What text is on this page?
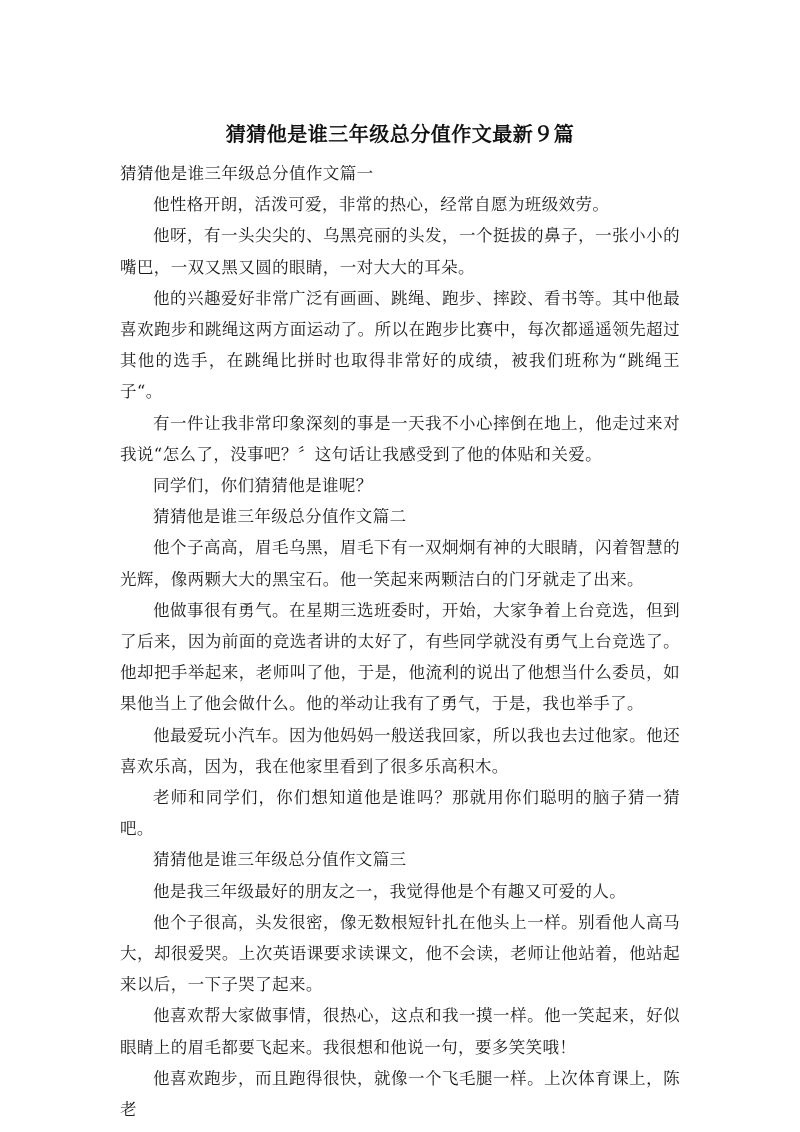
猜猜他是谁三年级总分值作文最新９篇

猜猜他是谁三年级总分值作文篇一

他性格开朗，活泼可爱，非常的热心，经常自愿为班级效劳。

他呀，有一头尖尖的、乌黑亮丽的头发，一个挺拔的鼻子，一张小小的嘴巴，一双又黑又圆的眼睛，一对大大的耳朵。

他的兴趣爱好非常广泛有画画、跳绳、跑步、摔跤、看书等。其中他最喜欢跑步和跳绳这两方面运动了。所以在跑步比赛中，每次都遥遥领先超过其他的选手，在跳绳比拼时也取得非常好的成绩，被我们班称为“跳绳王子“。

有一件让我非常印象深刻的事是一天我不小心摔倒在地上，他走过来对我说“怎么了，没事吧？〞这句话让我感受到了他的体贴和关爱。

同学们，你们猜猜他是谁呢？

猜猜他是谁三年级总分值作文篇二

他个子高高，眉毛乌黑，眉毛下有一双炯炯有神的大眼睛，闪着智慧的光辉，像两颗大大的黑宝石。他一笑起来两颗洁白的门牙就走了出来。

他做事很有勇气。在星期三选班委时，开始，大家争着上台竞选，但到了后来，因为前面的竞选者讲的太好了，有些同学就没有勇气上台竞选了。他却把手举起来，老师叫了他，于是，他流利的说出了他想当什么委员，如果他当上了他会做什么。他的举动让我有了勇气，于是，我也举手了。

他最爱玩小汽车。因为他妈妈一般送我回家，所以我也去过他家。他还喜欢乐高，因为，我在他家里看到了很多乐高积木。

老师和同学们，你们想知道他是谁吗？那就用你们聪明的脑子猜一猜吧。

猜猜他是谁三年级总分值作文篇三

他是我三年级最好的朋友之一，我觉得他是个有趣又可爱的人。

他个子很高，头发很密，像无数根短针扎在他头上一样。别看他人高马大，却很爱哭。上次英语课要求读课文，他不会读，老师让他站着，他站起来以后，一下子哭了起来。

他喜欢帮大家做事情，很热心，这点和我一摸一样。他一笑起来，好似眼睛上的眉毛都要飞起来。我很想和他说一句，要多笑笑哦！

他喜欢跑步，而且跑得很快，就像一个飞毛腿一样。上次体育课上，陈老
